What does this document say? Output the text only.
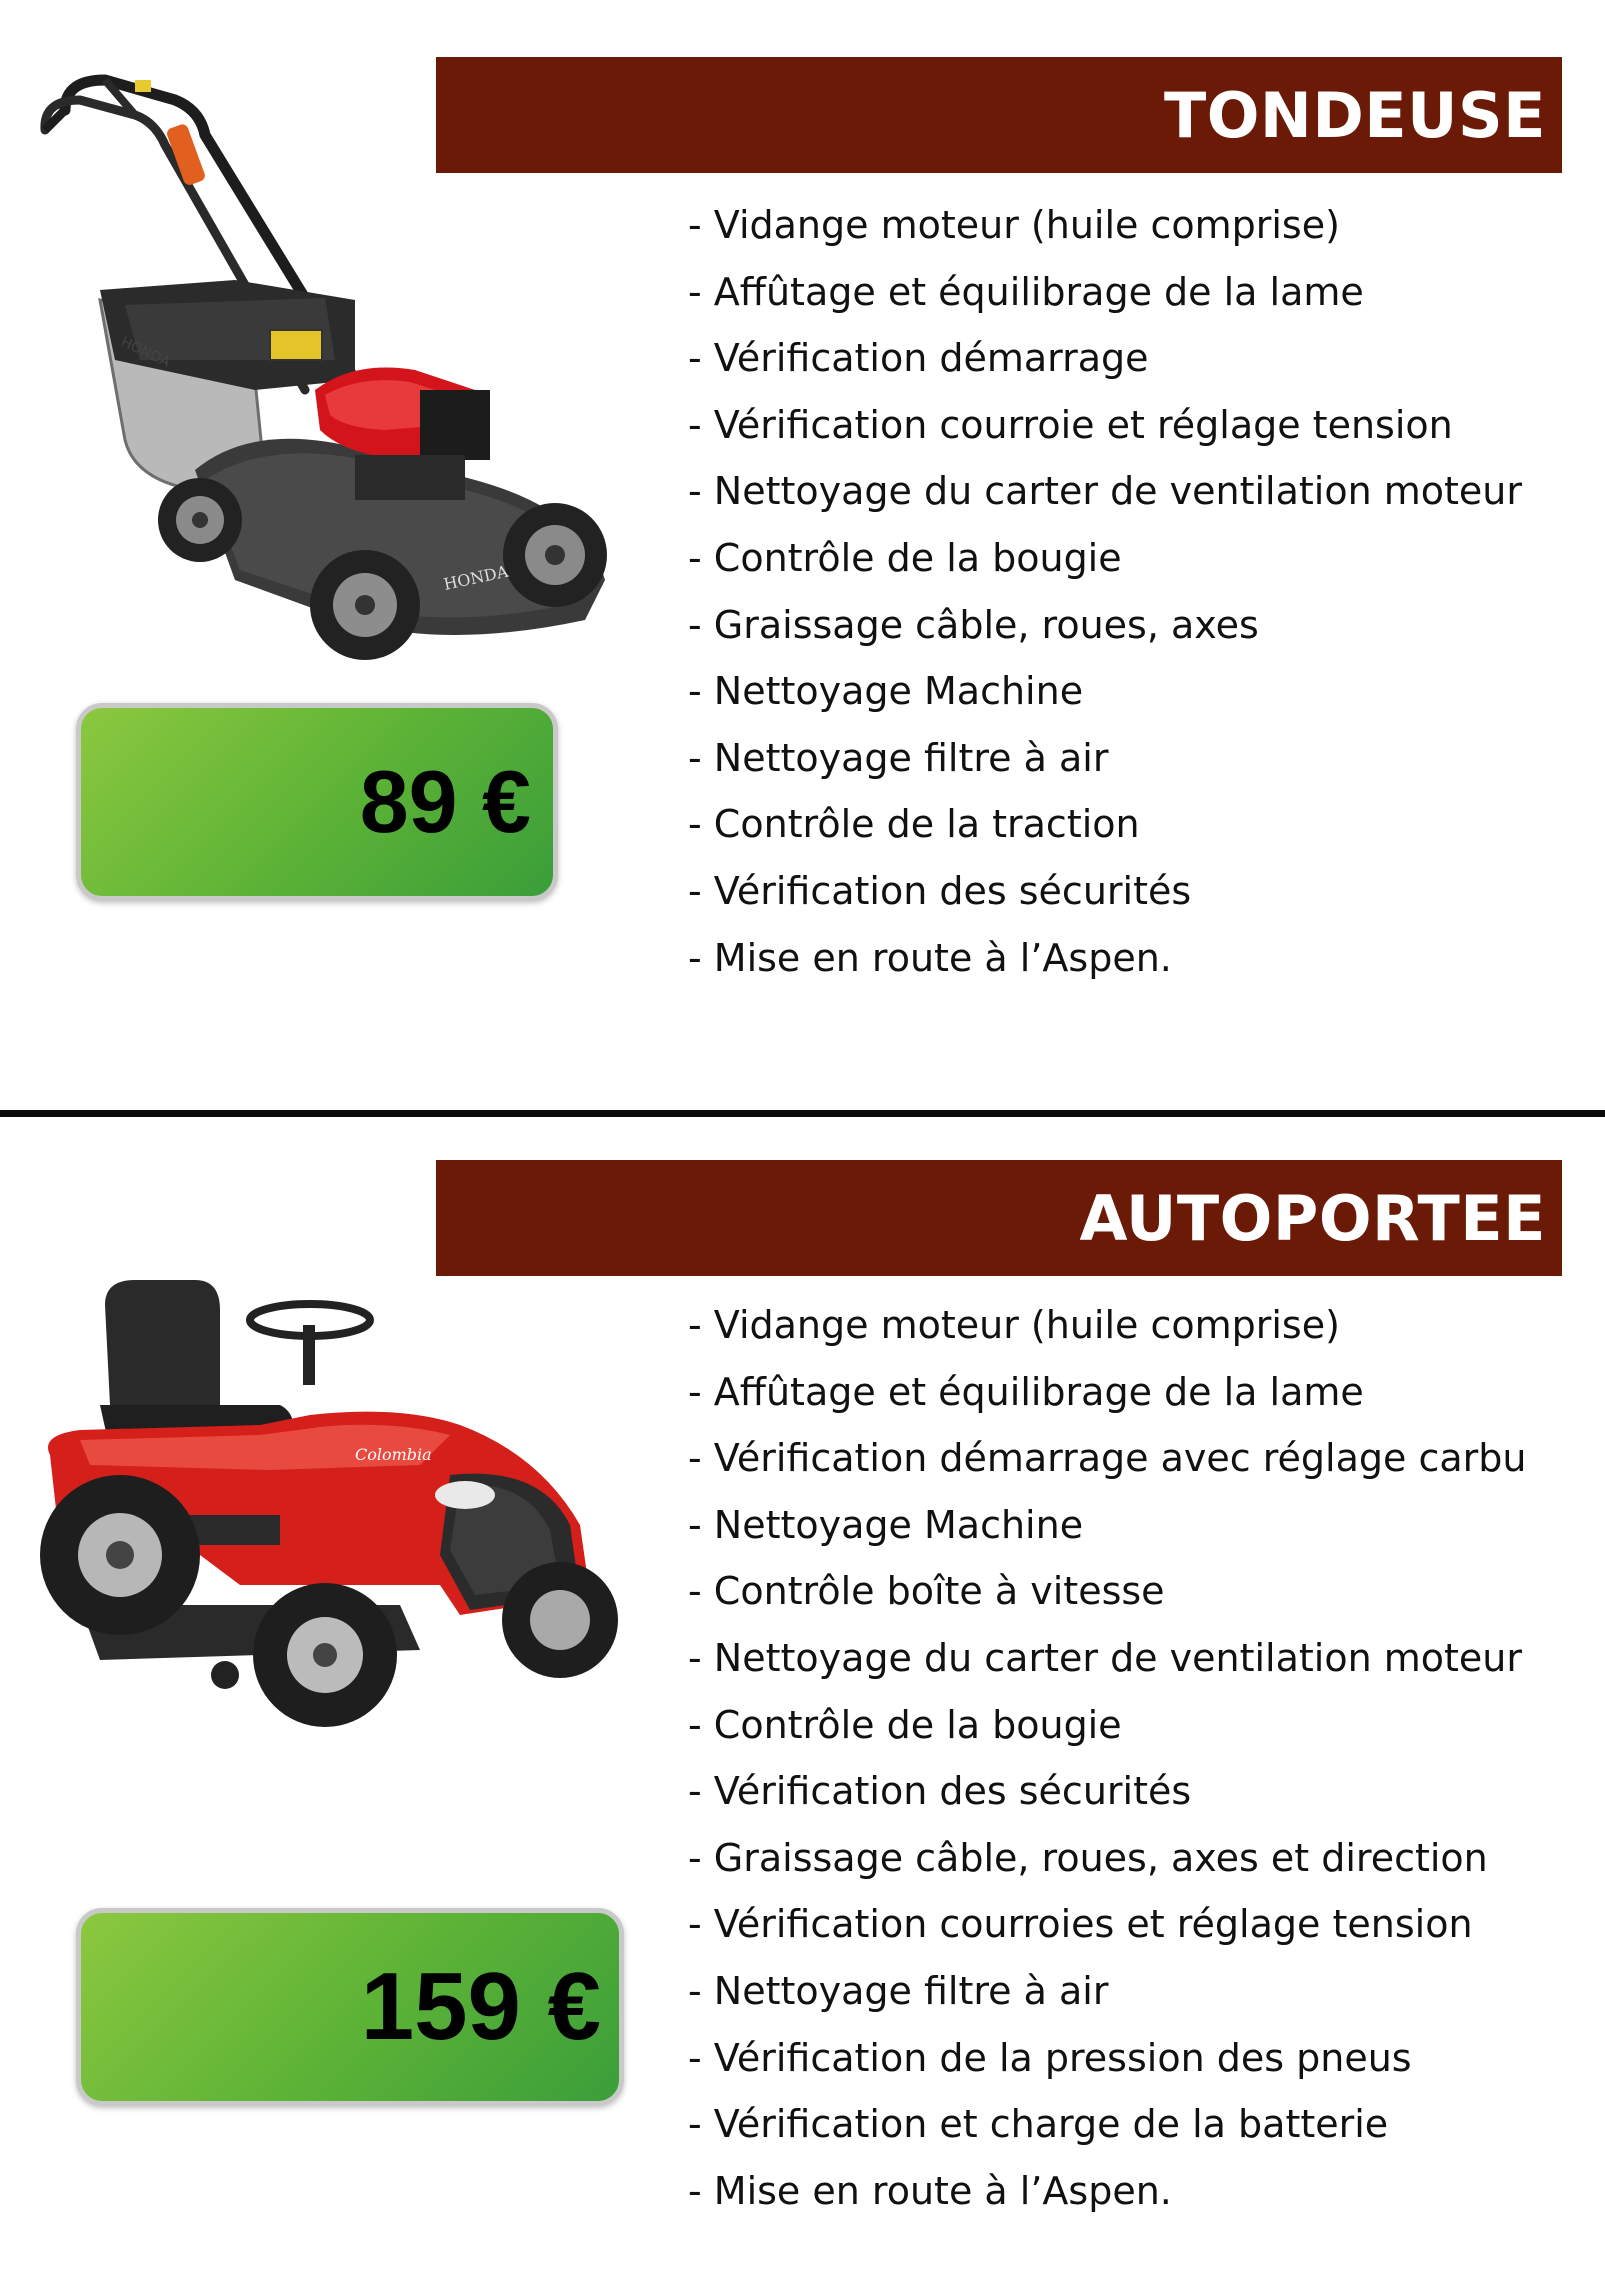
HONDA
HONDA
TONDEUSE
- Vidange moteur (huile comprise)
- Affûtage et équilibrage de la lame
- Vérification démarrage
- Vérification courroie et réglage tension
- Nettoyage du carter de ventilation moteur
- Contrôle de la bougie
- Graissage câble, roues, axes
- Nettoyage Machine
- Nettoyage filtre à air
- Contrôle de la traction
- Vérification des sécurités
- Mise en route à l’Aspen.
89 €
Colombia
AUTOPORTEE
- Vidange moteur (huile comprise)
- Affûtage et équilibrage de la lame
- Vérification démarrage avec réglage carbu
- Nettoyage Machine
- Contrôle boîte à vitesse
- Nettoyage du carter de ventilation moteur
- Contrôle de la bougie
- Vérification des sécurités
- Graissage câble, roues, axes et direction
- Vérification courroies et réglage tension
- Nettoyage filtre à air
- Vérification de la pression des pneus
- Vérification et charge de la batterie
- Mise en route à l’Aspen.
159 €
